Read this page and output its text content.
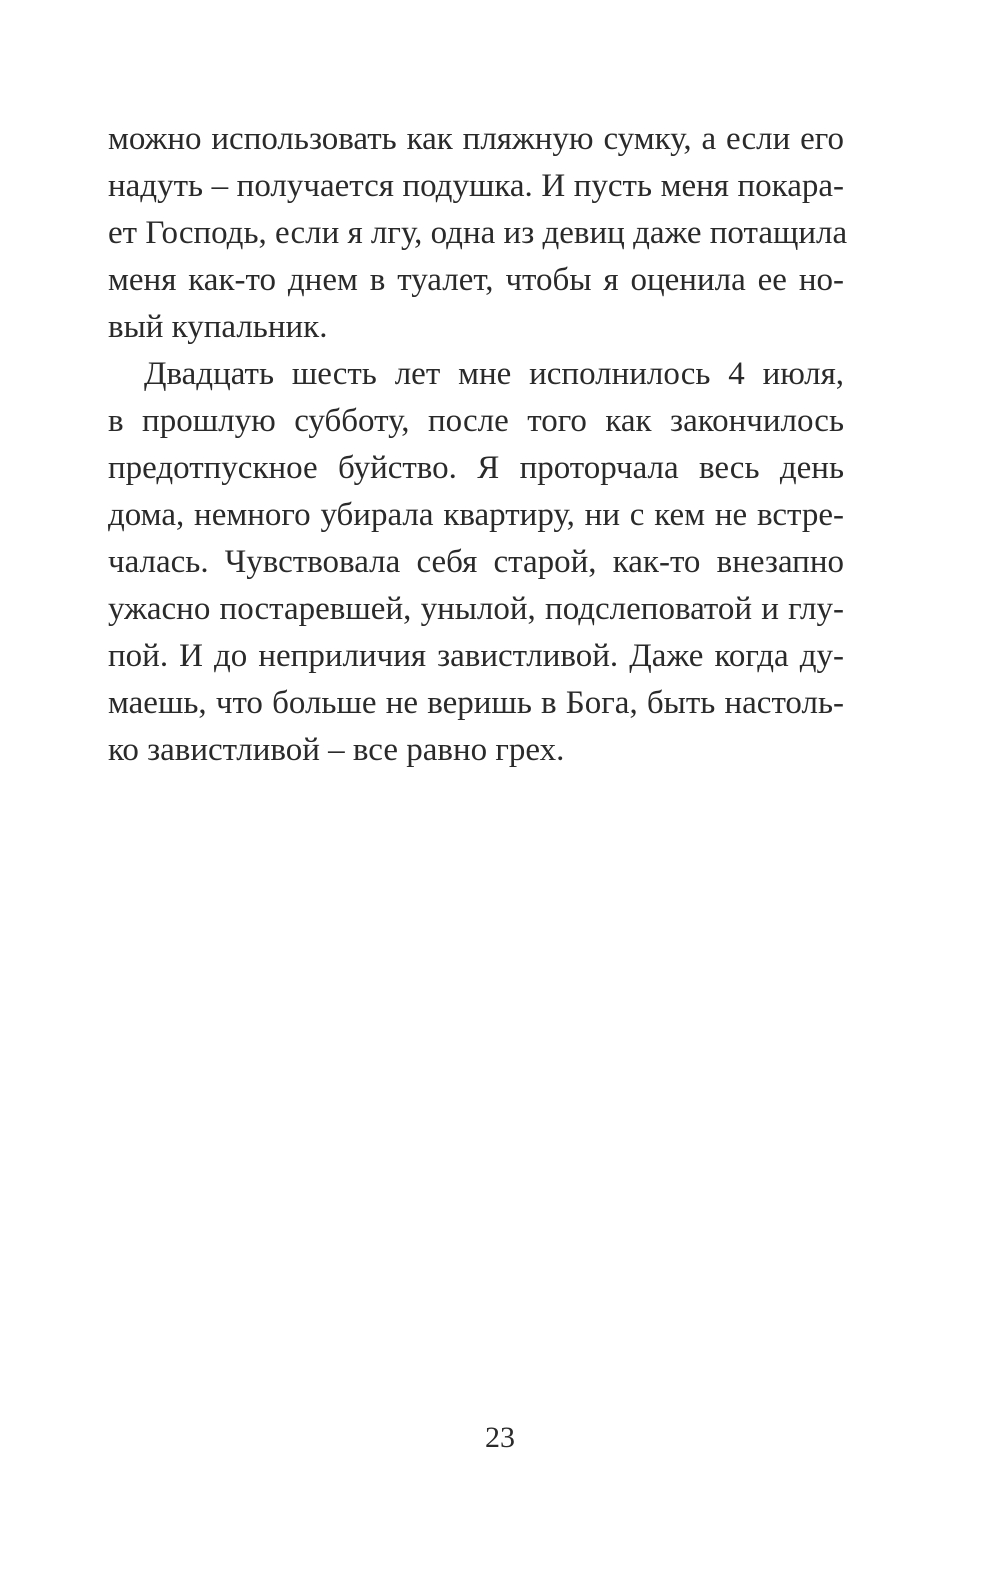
можно использовать как пляжную сумку, а если его
надуть – получается подушка. И пусть меня покара-
ет Господь, если я лгу, одна из девиц даже потащила
меня как-то днем в туалет, чтобы я оценила ее но-
вый купальник.
Двадцать шесть лет мне исполнилось 4 июля,
в прошлую субботу, после того как закончилось
предотпускное буйство. Я проторчала весь день
дома, немного убирала квартиру, ни с кем не встре-
чалась. Чувствовала себя старой, как-то внезапно
ужасно постаревшей, унылой, подслеповатой и глу-
пой. И до неприличия завистливой. Даже когда ду-
маешь, что больше не веришь в Бога, быть настоль-
ко завистливой – все равно грех.
23
